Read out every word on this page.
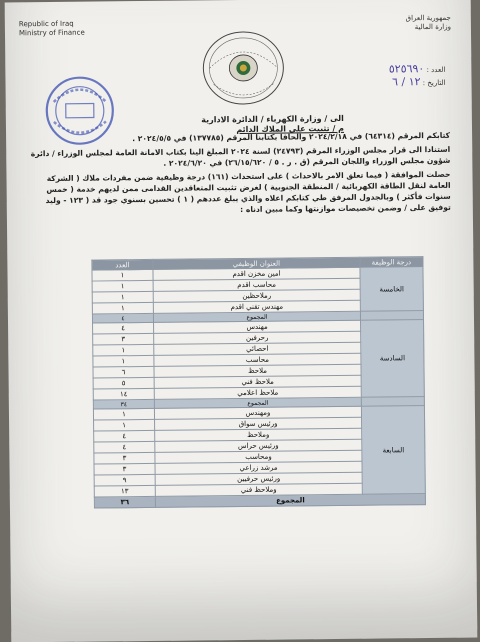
Republic of Iraq
Ministry of Finance
جمهورية العراق
وزارة المالية
العدد : ٥٢٥٦٩٠
التاريخ : ١٢ / ٦
الى / وزارة الكهرباء / الدائرة الادارية
م / تثبيت على الملاك الدائم

كتابكم المرقم (٦٤٣١٤) في ٢٠٢٤/٢/١٨ والحاقا بكتابنا المرقم (١٣٧٧٨٥) في ٢٠٢٤/٥/٥ .

استنادا الى قرار مجلس الوزراء المرقم (٢٤٧٩٣) لسنة ٢٠٢٤ المبلغ الينا بكتاب الامانة العامة لمجلس الوزراء / دائرة شؤون مجلس الوزراء واللجان المرقم (ق . ر . ٥ / ٢٦/١٥/٦٢٠) في ٢٠٢٤/٦/٢٠ .

حصلت الموافقة ( فيما تعلق الامر بالاحداث ) على استحداث (١٦١) درجة وظيفية ضمن مفردات ملاك ( الشركة العامة لنقل الطاقة الكهربائية / المنطقة الجنوبية ) لغرض تثبيت المتعاقدين القدامى ممن لديهم خدمة ( خمس سنوات فأكثر ) وبالجدول المرفق طي كتابكم اعلاه والذي يبلغ عددهم ( ١ ) تحسين بسنوي جود قد ( ١٢٣ - وليد توفيق على / وضمن تخصيصات موازنتها وكما مبين ادناه :

درجة الوظيفة	العنوان الوظيفي	العدد
الخامسة	امين مخزن اقدم	١
	محاسب اقدم	١
	رملاحظين	١
	مهندس تقني اقدم	١
	المجموع	٤
السادسة	مهندس	٤
	رحرفين	٣
	احصائي	١
	محاسب	١
	ملاحظ	٦
	ملاحظ فني	٥
	ملاحظ اعلامي	١٤
	المجموع	٣٤
السابعة	ومهندس	١
	ورئيس سواق	١
	وملاحظ	٤
	ورئيس حراس	٤
	ومحاسب	٣
	مرشد زراعي	٣
	ورئيس حرفيين	٩
	وملاحظ فني	١٣
المجموع		٣٦
